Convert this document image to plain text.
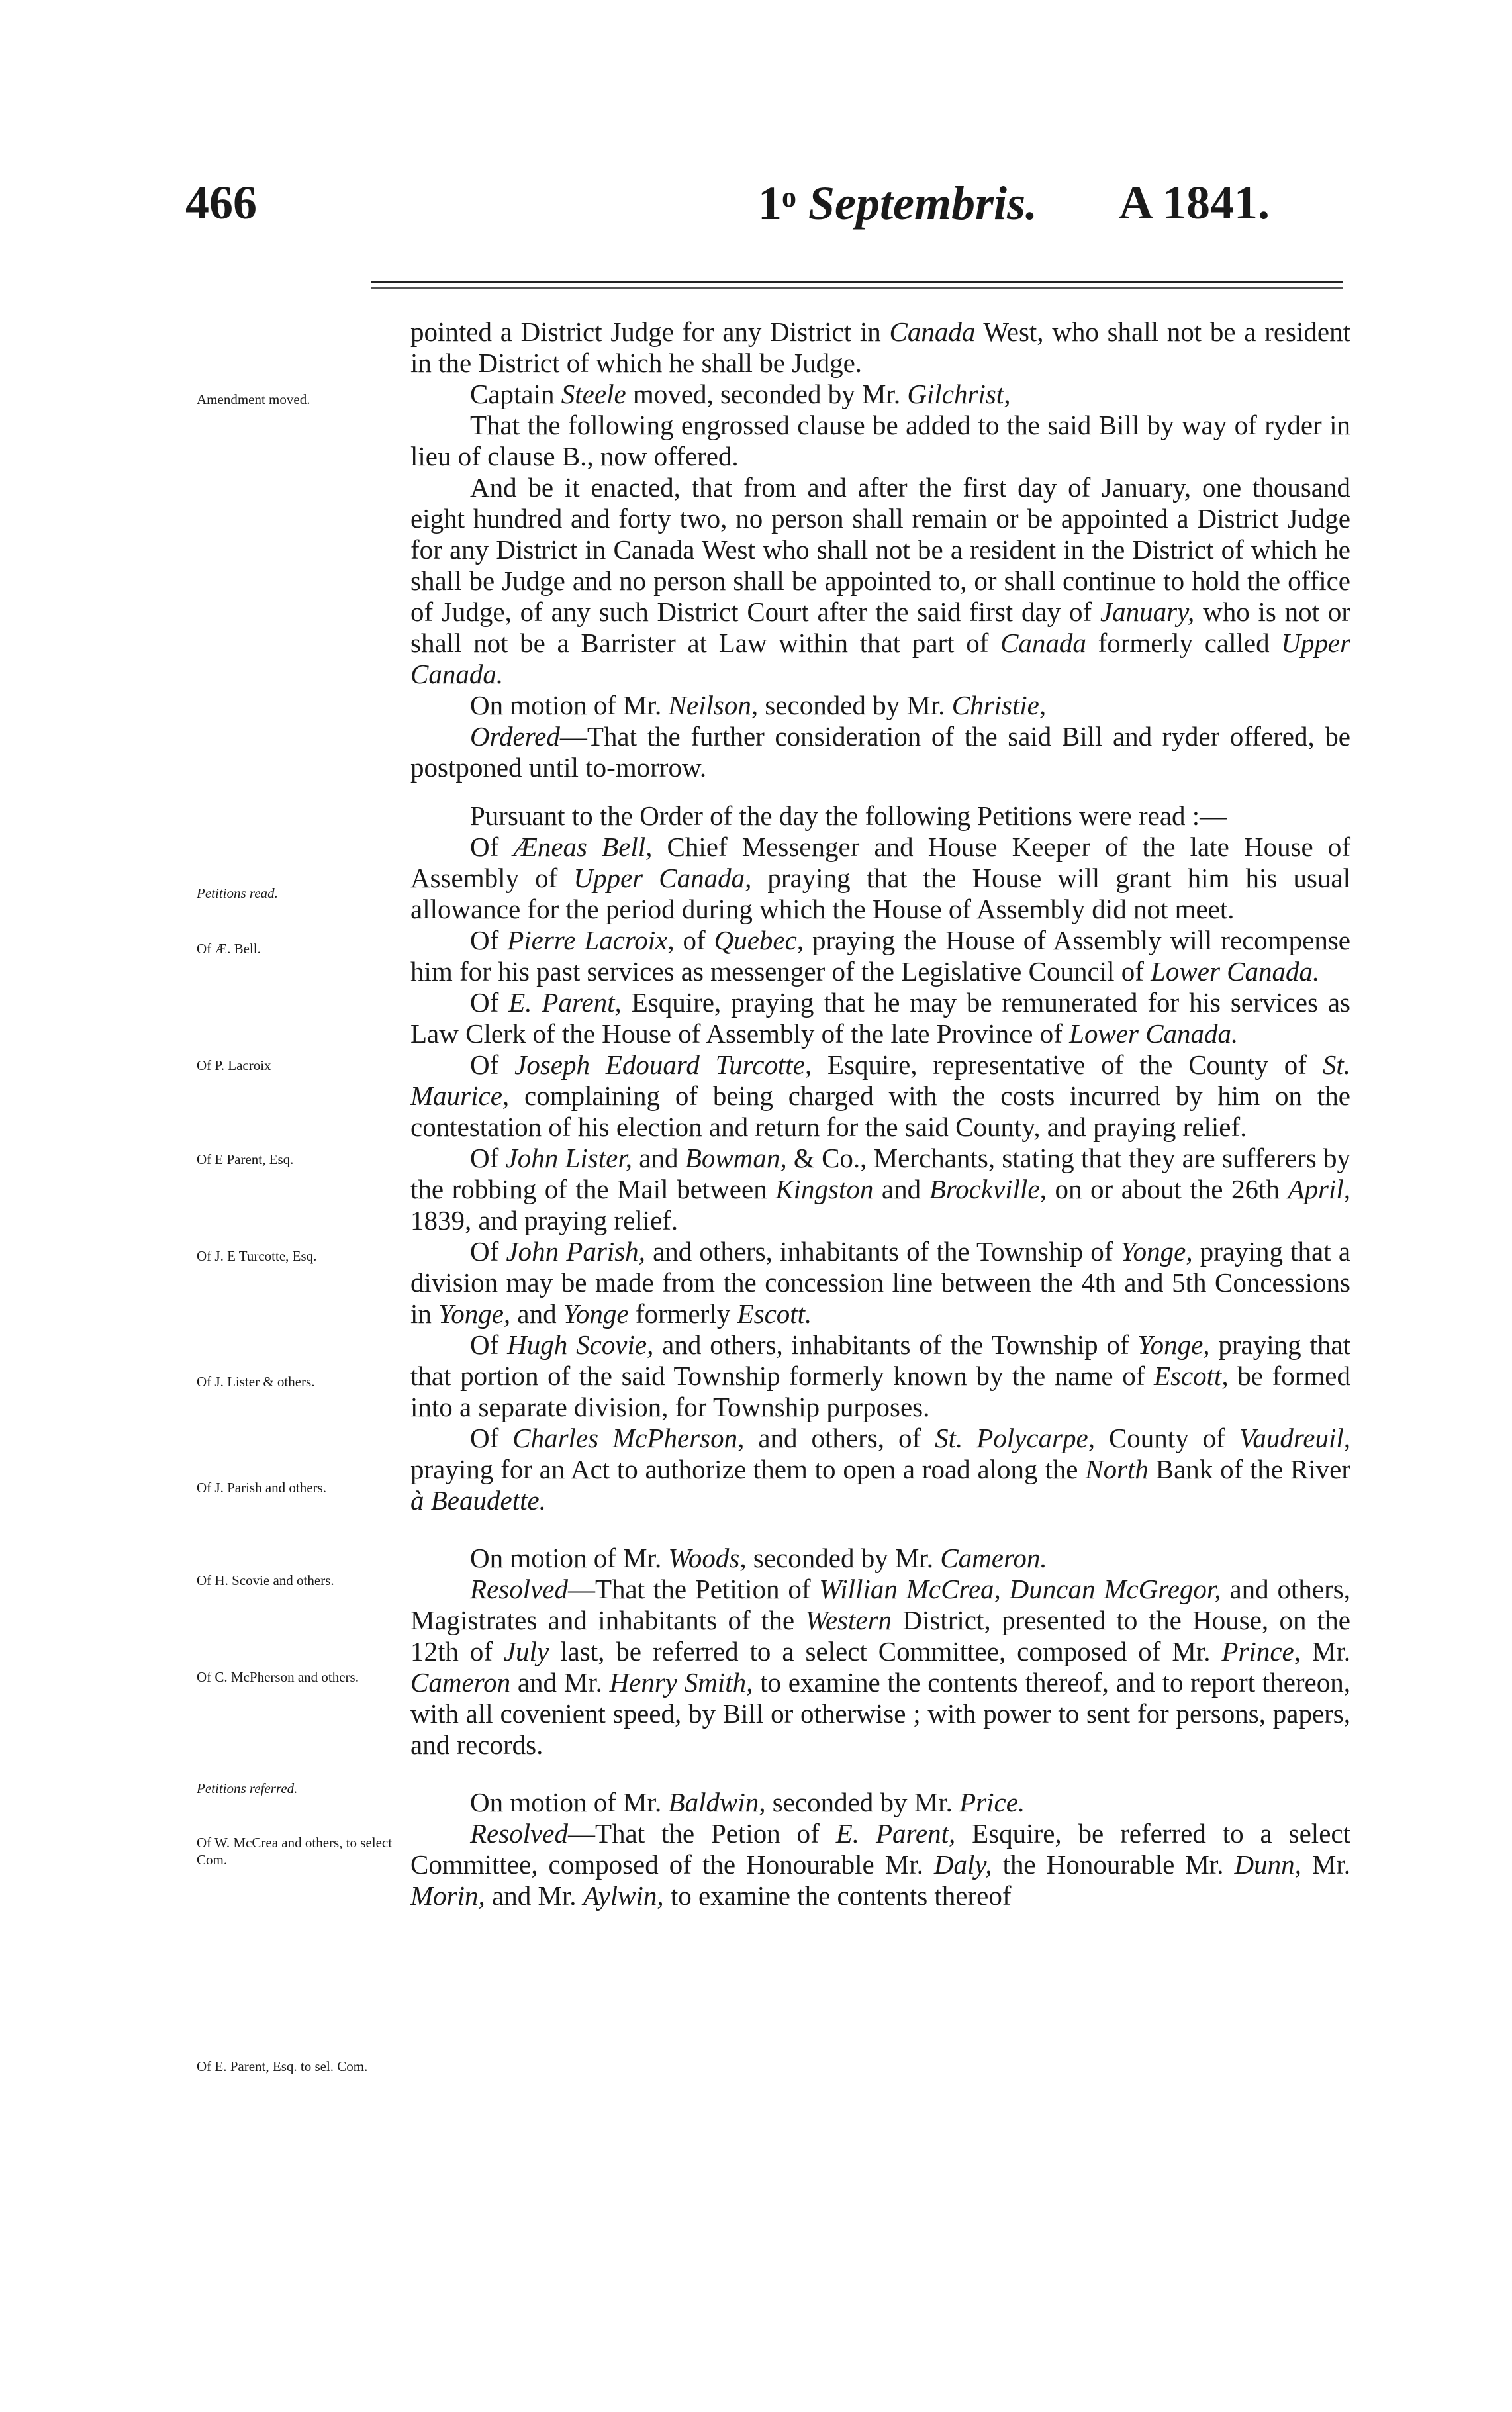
466	1$^o$ Septembris. A 1841.
Amendment moved.
Petitions read.
Of Æ. Bell.
Of P. Lacroix
Of E Parent, Esq.
Of J. E Turcotte, Esq.
Of J. Lister & others.
Of J. Parish and others.
Of H. Scovie and others.
Of C. McPherson and others.
Petitions referred.
Of W. McCrea and others, to select Com.
Of E. Parent, Esq. to sel. Com.

pointed a District Judge for any District in Canada West, who shall not be a resident in the District of which he shall be Judge.

Captain Steele moved, seconded by Mr. Gilchrist,

That the following engrossed clause be added to the said Bill by way of ryder in lieu of clause B., now offered.

And be it enacted, that from and after the first day of January, one thousand eight hundred and forty two, no person shall remain or be appointed a District Judge for any District in Canada West who shall not be a resident in the District of which he shall be Judge and no person shall be appointed to, or shall continue to hold the office of Judge, of any such District Court after the said first day of January, who is not or shall not be a Barrister at Law within that part of Canada formerly called Upper Canada.

On motion of Mr. Neilson, seconded by Mr. Christie,

Ordered—That the further consideration of the said Bill and ryder offered, be postponed until to-morrow.

Pursuant to the Order of the day the following Petitions were read :—

Of Æneas Bell, Chief Messenger and House Keeper of the late House of Assembly of Upper Canada, praying that the House will grant him his usual allowance for the period during which the House of Assembly did not meet.

Of Pierre Lacroix, of Quebec, praying the House of Assembly will recompense him for his past services as messenger of the Legislative Council of Lower Canada.

Of E. Parent, Esquire, praying that he may be remunerated for his services as Law Clerk of the House of Assembly of the late Province of Lower Canada.

Of Joseph Edouard Turcotte, Esquire, representative of the County of St. Maurice, complaining of being charged with the costs incurred by him on the contestation of his election and return for the said County, and praying relief.

Of John Lister, and Bowman, & Co., Merchants, stating that they are sufferers by the robbing of the Mail between Kingston and Brockville, on or about the 26th April, 1839, and praying relief.

Of John Parish, and others, inhabitants of the Township of Yonge, praying that a division may be made from the concession line between the 4th and 5th Concessions in Yonge, and Yonge formerly Escott.

Of Hugh Scovie, and others, inhabitants of the Township of Yonge, praying that that portion of the said Township formerly known by the name of Escott, be formed into a separate division, for Township purposes.

Of Charles McPherson, and others, of St. Polycarpe, County of Vaudreuil, praying for an Act to authorize them to open a road along the North Bank of the River à Beaudette.

On motion of Mr. Woods, seconded by Mr. Cameron.

Resolved—That the Petition of Willian McCrea, Duncan McGregor, and others, Magistrates and inhabitants of the Western District, presented to the House, on the 12th of July last, be referred to a select Committee, composed of Mr. Prince, Mr. Cameron and Mr. Henry Smith, to examine the contents thereof, and to report thereon, with all covenient speed, by Bill or otherwise ; with power to sent for persons, papers, and records.

On motion of Mr. Baldwin, seconded by Mr. Price.

Resolved—That the Petion of E. Parent, Esquire, be referred to a select Committee, composed of the Honourable Mr. Daly, the Honourable Mr. Dunn, Mr. Morin, and Mr. Aylwin, to examine the contents thereof
